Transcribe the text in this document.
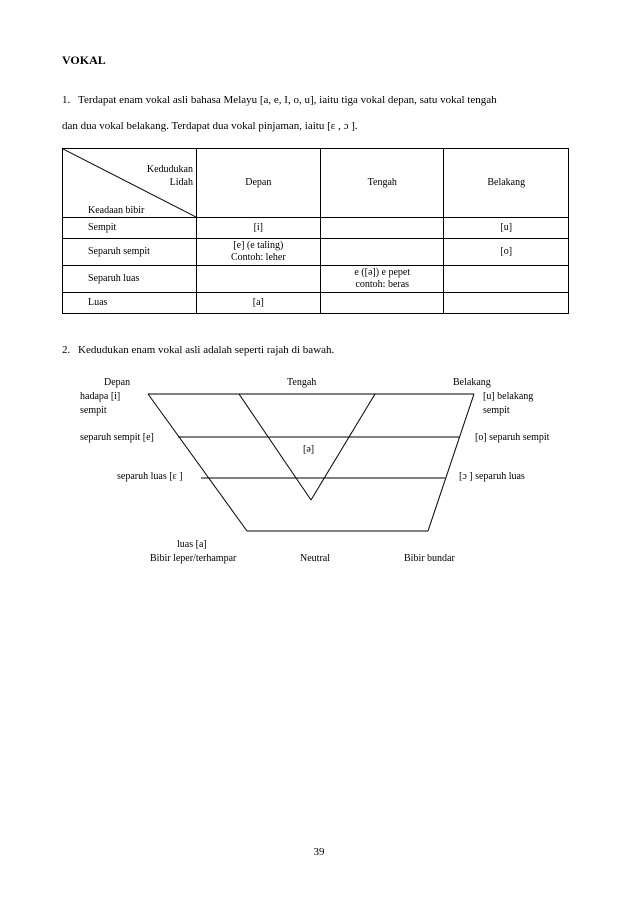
VOKAL

1. Terdapat enam vokal asli bahasa Melayu [a, e, I, o, u], iaitu tiga vokal depan, satu vokal tengah
dan dua vokal belakang. Terdapat dua vokal pinjaman, iaitu [ɛ , ɔ ].

Kedudukan
Lidah
Keadaan bibir	Depan	Tengah	Belakang
Sempit	[i]		[u]
Separuh sempit	[e] (e taling)
Contoh: leher		[o]
Separuh luas		e ([ə]) e pepet
contoh: beras	
Luas	[a]		

2. Kedudukan enam vokal asli adalah seperti rajah di bawah.

Depan	Tengah	Belakang
hadapa [i]
sempit
[u] belakang
sempit
separuh sempit [e]
[ə]
[o] separuh sempit
separuh luas [ɛ ]	[ɔ ] separuh luas
luas [a]
Bibir leper/terhampar	Neutral	Bibir bundar
39
